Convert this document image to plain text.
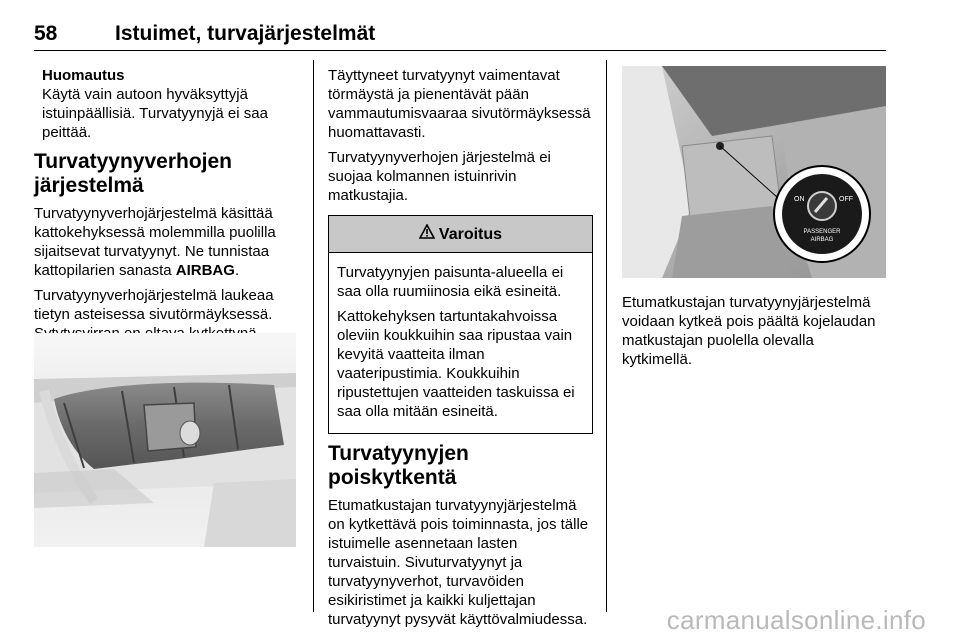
58	Istuimet, turvajärjestelmät
Huomautus
Käytä vain autoon hyväksyttyjä istuinpäällisiä. Turvatyynyjä ei saa peittää.
Turvatyynyverhojen järjestelmä

Turvatyynyverhojärjestelmä käsittää kattokehyksessä molemmilla puolilla sijaitsevat turvatyynyt. Ne tunnistaa kattopilarien sanasta AIRBAG.

Turvatyynyverhojärjestelmä laukeaa tietyn asteisessa sivutörmäyksessä.

Täyttyneet turvatyynyt vaimentavat törmäystä ja pienentävät pään vammautumisvaaraa sivutörmäyksessä huomattavasti.

Turvatyynyverhojen järjestelmä ei suojaa kolmannen istuinrivin matkustajia.

Varoitus

Turvatyynyjen paisunta-alueella ei saa olla ruumiinosia eikä esineitä.

Kattokehyksen tartuntakahvoissa oleviin koukkuihin saa ripustaa vain kevyitä vaatteita ilman vaateripustimia. Koukkuihin ripustettujen vaatteiden taskuissa ei saa olla mitään esineitä.

Turvatyynyjen poiskytkentä

Etumatkustajan turvatyynyjärjestelmä on kytkettävä pois toiminnasta, jos tälle istuimelle asennetaan lasten turvaistuin. Sivuturvatyynyt ja turvatyynyverhot, turvavöiden esikiristimet ja kaikki kuljettajan turvatyynyt pysyvät käyttövalmiudessa.

ON	OFF
PASSENGER
AIRBAG

Etumatkustajan turvatyynyjärjestelmä voidaan kytkeä pois päältä kojelaudan matkustajan puolella olevalla kytkimellä.

carmanualsonline.info
